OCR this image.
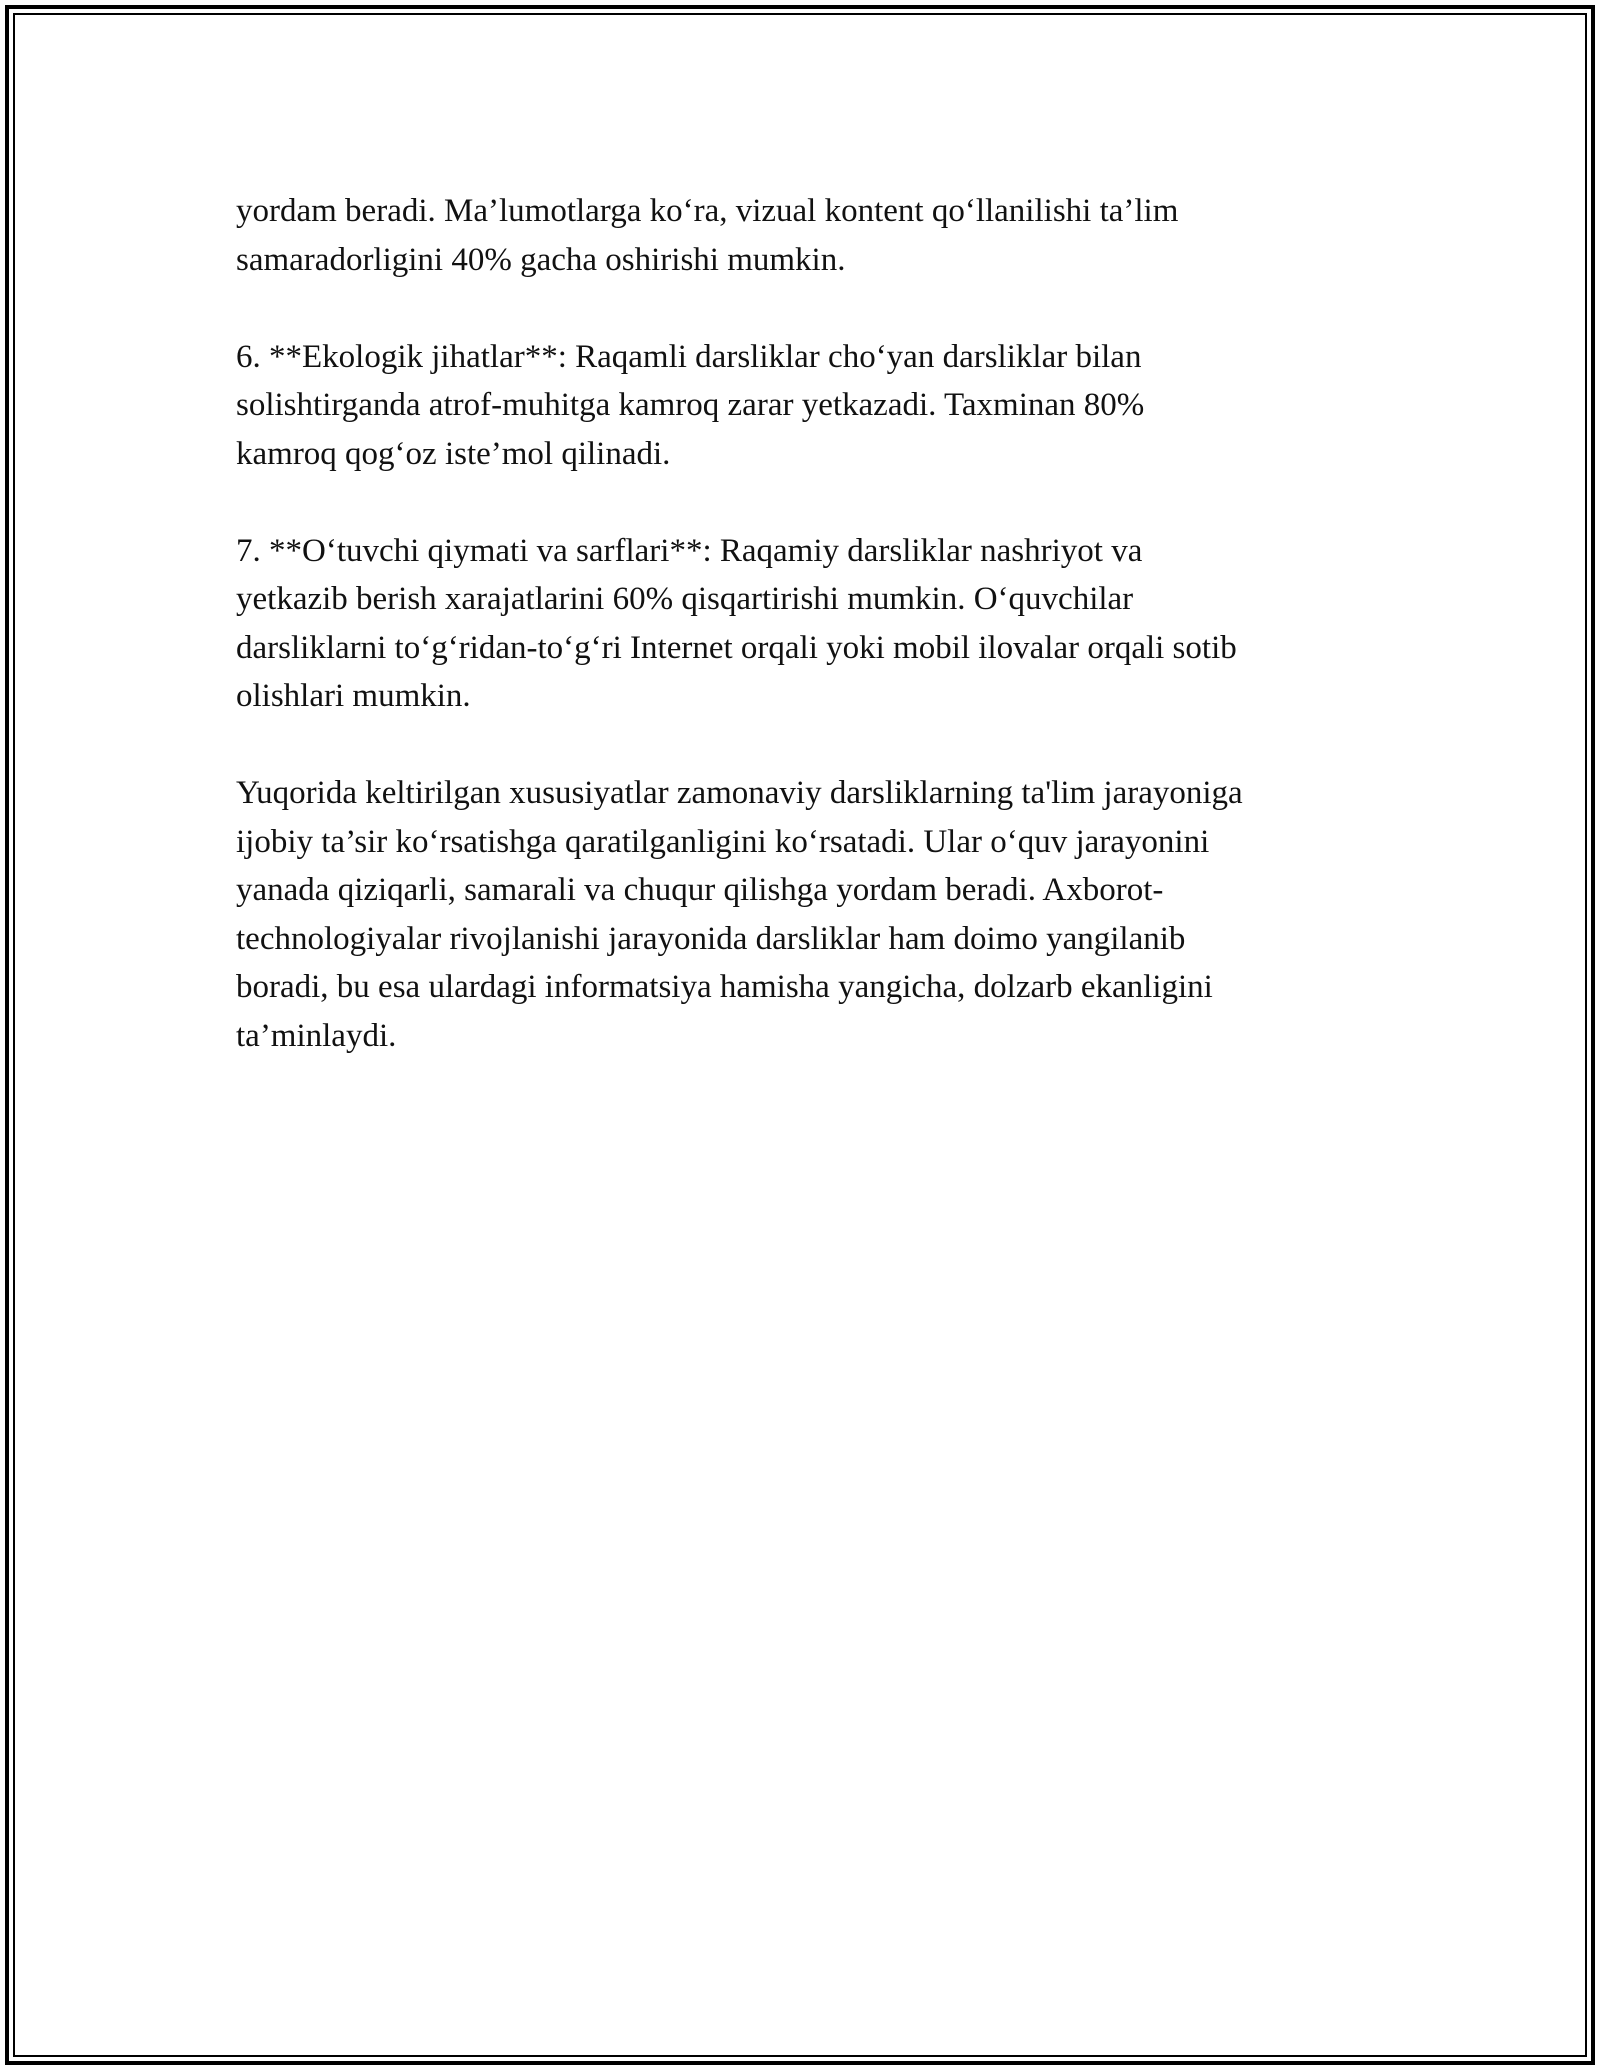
yordam beradi. Ma’lumotlarga ko‘ra, vizual kontent qo‘llanilishi ta’lim
samaradorligini 40% gacha oshirishi mumkin.

6. **Ekologik jihatlar**: Raqamli darsliklar cho‘yan darsliklar bilan
solishtirganda atrof-muhitga kamroq zarar yetkazadi. Taxminan 80%
kamroq qog‘oz iste’mol qilinadi.

7. **O‘tuvchi qiymati va sarflari**: Raqamiy darsliklar nashriyot va
yetkazib berish xarajatlarini 60% qisqartirishi mumkin. O‘quvchilar
darsliklarni to‘g‘ridan-to‘g‘ri Internet orqali yoki mobil ilovalar orqali sotib
olishlari mumkin.

Yuqorida keltirilgan xususiyatlar zamonaviy darsliklarning ta'lim jarayoniga
ijobiy ta’sir ko‘rsatishga qaratilganligini ko‘rsatadi. Ular o‘quv jarayonini
yanada qiziqarli, samarali va chuqur qilishga yordam beradi. Axborot-
technologiyalar rivojlanishi jarayonida darsliklar ham doimo yangilanib
boradi, bu esa ulardagi informatsiya hamisha yangicha, dolzarb ekanligini
ta’minlaydi.
